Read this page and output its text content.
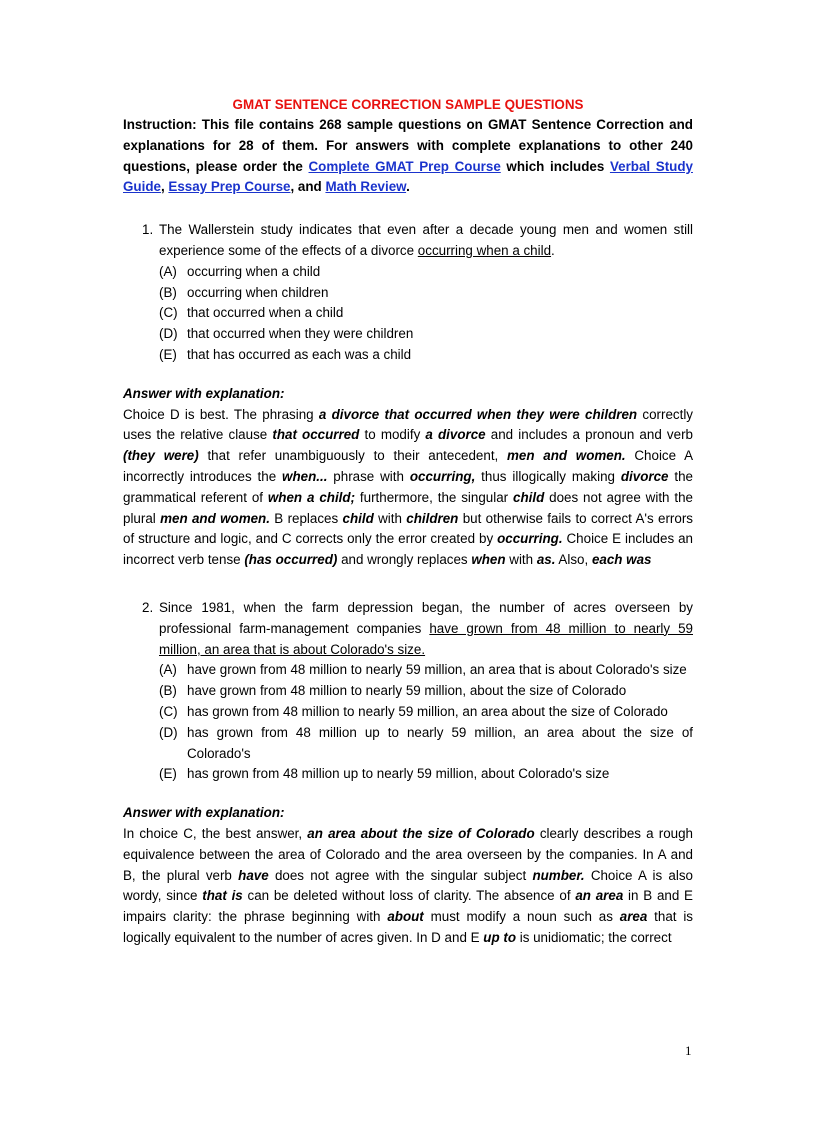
GMAT SENTENCE CORRECTION SAMPLE QUESTIONS

Instruction: This file contains 268 sample questions on GMAT Sentence Correction and explanations for 28 of them. For answers with complete explanations to other 240 questions, please order the Complete GMAT Prep Course which includes Verbal Study Guide, Essay Prep Course, and Math Review.

1. The Wallerstein study indicates that even after a decade young men and women still experience some of the effects of a divorce occurring when a child.

(A) occurring when a child
(B) occurring when children
(C) that occurred when a child
(D) that occurred when they were children
(E) that has occurred as each was a child

Answer with explanation:

Choice D is best. The phrasing a divorce that occurred when they were children correctly uses the relative clause that occurred to modify a divorce and includes a pronoun and verb (they were) that refer unambiguously to their antecedent, men and women. Choice A incorrectly introduces the when... phrase with occurring, thus illogically making divorce the grammatical referent of when a child; furthermore, the singular child does not agree with the plural men and women. B replaces child with children but otherwise fails to correct A's errors of structure and logic, and C corrects only the error created by occurring. Choice E includes an incorrect verb tense (has occurred) and wrongly replaces when with as. Also, each was

2. Since 1981, when the farm depression began, the number of acres overseen by professional farm-management companies have grown from 48 million to nearly 59 million, an area that is about Colorado's size.

(A) have grown from 48 million to nearly 59 million, an area that is about Colorado's size
(B) have grown from 48 million to nearly 59 million, about the size of Colorado
(C) has grown from 48 million to nearly 59 million, an area about the size of Colorado
(D) has grown from 48 million up to nearly 59 million, an area about the size of Colorado's
(E) has grown from 48 million up to nearly 59 million, about Colorado's size

Answer with explanation:

In choice C, the best answer, an area about the size of Colorado clearly describes a rough equivalence between the area of Colorado and the area overseen by the companies. In A and B, the plural verb have does not agree with the singular subject number. Choice A is also wordy, since that is can be deleted without loss of clarity. The absence of an area in B and E impairs clarity: the phrase beginning with about must modify a noun such as area that is logically equivalent to the number of acres given. In D and E up to is unidiomatic; the correct

1
